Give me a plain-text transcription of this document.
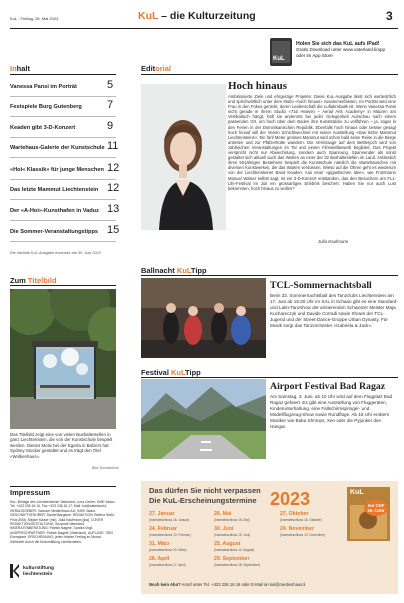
KuL · Freitag, 26. Mai 2023	KuL – die Kulturzeitung	3
KuL
Holen Sie sich das KuL aufs iPad!
Gratis Download unter www.vaterland.li/app
oder im App Store
Inhalt
Vanessa Pansi im Porträt	5
Festspiele Burg Gutenberg	7
Keaden gibt 3-D-Konzert	9
Wartehaus-Galerie der Kunstschule 11
«Hoi« Klassik» für junge Menschen 12
Das letzte Mammut Liechtenstein 12
Der «A-Hoi»-Kunsthafen in Vaduz 13
Die Sommer-Veranstaltungstipps 15
Die nächste KuL-Ausgabe erscheint am 30. Juni 2023
Editorial
Hoch hinaus
Ambitionierte Ziele und ehrgeizige Projekte: Diese KuL-Ausgabe lässt sich wortwörtlich und sprichwörtlich unter dem Motto «hoch hinaus» zusammenfassen. Im Porträt wird eine Frau in den Fokus gerückt, deren Leidenschaft die Luftakrobatik ist. Wenn Vanessa Pansi nicht gerade in ihrem Studio «716 Heaven – Aerial Arts Academy» in Mauren am Vertikaltuch hängt, hält sie anderorts bei jeder Gelegenheit Ausschau nach einem passenden Ort, um hoch über dem Boden ihre Kunststücke zu vollführen – ja, sogar in den Ferien in der Dominikanischen Republik. Ebenfalls hoch hinaus oder besser gesagt hoch hinauf will der Verein Schichtwechsel mit seiner Ausstellung «Das letzte Mammut Liechtensteins»: Ein fünf Meter grosses Mammut wird schon bald seine Reise in die Berge antreten und zur Pfälzerhütte wandern. Die Vernissage auf dem Bettlerjoch wird von zahlreichen Veranstaltungen im Tal und einem Filmwettbewerb begleitet. Das Projekt verspricht nicht nur Abwechslung, sondern auch Spannung. Spannender als sonst gestaltet sich aktuell auch das Warten an einer der 32 Bushaltestellen im Land. Anlässlich ihres 50-jährigen Bestehens bespielt die Kunstschule nämlich die Wartehäuschen mit diversen Kunstwerken, die das Warten versüssen. Wieso auf die Ohren geht es wiederum von der Liechtensteiner Band Keaden. Aus einer «gigantischen Idee», wie Frontmann Manuel Walser selbst sagt, ist ein 3-D-Konzert entstanden, das den Besuchern am FL1-Life-Festival im Juli ein grossartiges Erlebnis beschert. Haben Sie nur auch Lust bekommen, hoch hinaus zu wollen?
Julia Kaufmann
Zum Titelbild
Das Titelbild zeigt eine von vielen Bushaltestellen in ganz Liechtenstein, die von der Kunstschule bespielt werden. Dieses Motiv bei der Egerta in Balzers hat Sydney Stocker gestaltet und es trägt den Titel «Wolkenhaus».
Bild: Kunstschule
Ballnacht KuLTipp
TCL-Sommernachtsball
Beim 33. Sommernachtsball des Tanzclubs Liechtenstein am 17. Juni ab 19.30 Uhr im SAL in Schaan gibt es eine Standard- und Latin-Tanzshow der amtierenden Schweizer Meister Maja Kuchareczyk und Davide Corradi sowie Shows der TCL-Jugend und der Street-Dance-Gruppe Urban Dynasty. Für Musik sorgt das Tanzorchester «Gabriela & Jack».
Festival KuLTipp
Airport Festival Bad Ragaz
Am Samstag, 3. Juni, ab 10 Uhr wird auf dem Flugplatz Bad Ragaz gefeiert. Es gibt eine Ausstellung von Fluggeräten, Kinderunterhaltung, eine Fallschirmspringer- und Modellflugzeug-Show sowie Rundflüge. Ab 18 Uhr erobern Musiker wie Baba Shrimps, Xen oder die Pyjunker den Hangar.
Impressum
KuL: Beilage des Liechtensteiner Vaterland, Lova Center, 9490 Vaduz. Tel. +423 236 16 16, Fax +423 236 16 17, Mail: kul@vaterland.li. HERAUSGEBER: Vaduzer Medienhaus AG, 9490 Vaduz. GESCHÄFTSFÜHRER: Daniel Bargetze. REDAKTION: Bettina Stahl-Frick (BSt), Mirjam Kaiser (mk), Julia Kaufmann (jka). COVER REDAKTION/GESTALTUNG: Suzanne Vaterland. INSERATENBERATUNG: Patrick Nagele, Sandra Vogt. ANSPRECHPARTNER: Patrick Nagele (Vaterland). AUFLAGE: 7500 Exemplare. ERSCHEINUNG: jeden letzten Freitag im Monat. Gefördert durch die Kulturstiftung Liechtenstein.
kulturstiftung
liechtenstein
Das dürfen Sie nicht verpassen
Die KuL-Erscheinungstermine 2023
27. Januar
(Inserateschluss 16. Januar)
26. Mai
(Inserateschluss 15. Mai)
27. Oktober
(Inserateschluss 16. Oktober)
24. Februar
(Inserateschluss 13. Februar)
30. Juni
(Inserateschluss 19. Juni)
24. November
(Inserateschluss 13. November)
31. März
(Inserateschluss 20. März)
25. August
(Inserateschluss 14. August)
28. April
(Inserateschluss 17. April)
29. September
(Inserateschluss 18. September)
KuL
nur CHF 39.-/Jahr
Noch kein Abo? Anruf unter Tel. +423 236 16 16 oder E-Mail an kul@medienhaus.li
